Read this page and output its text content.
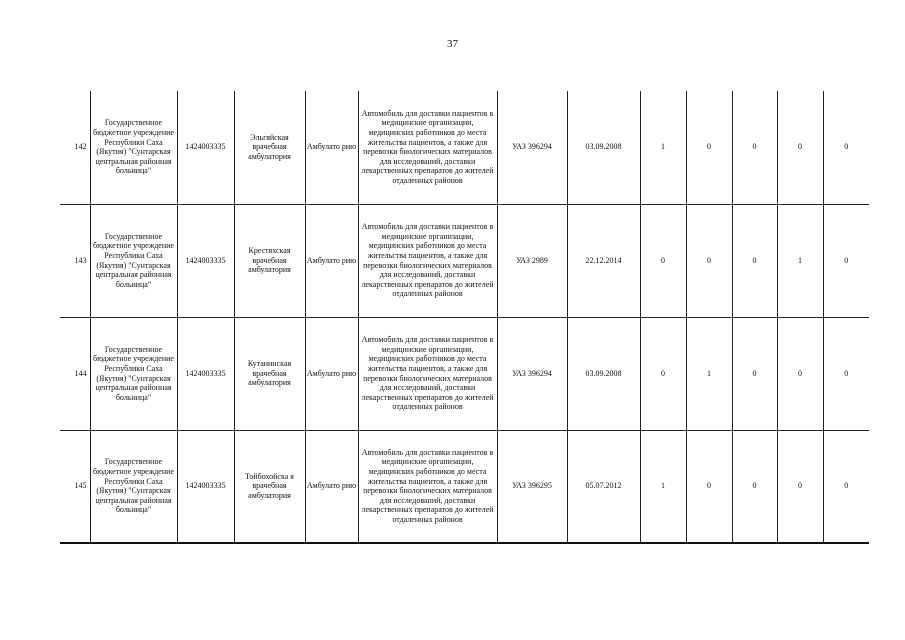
37
142	Государственное бюджетное учреждение Республики Саха (Якутия) "Сунтарская центральная районная больница"	1424003335	Эльгяйская врачебная амбулатория	Амбулато рию	Автомобиль для доставки пациентов в медицинские организации, медицинских работников до места жительства пациентов, а также для перевозки биологических материалов для исследований, доставки лекарственных препаратов до жителей отдаленных районов	УАЗ 396294	03.09.2008	1	0	0	0	0
143	Государственное бюджетное учреждение Республики Саха (Якутия) "Сунтарская центральная районная больница"	1424003335	Крестяхская врачебная амбулатория	Амбулато рию	Автомобиль для доставки пациентов в медицинские организации, медицинских работников до места жительства пациентов, а также для перевозки биологических материалов для исследований, доставки лекарственных препаратов до жителей отдаленных районов	УАЗ 2989	22.12.2014	0	0	0	1	0
144	Государственное бюджетное учреждение Республики Саха (Якутия) "Сунтарская центральная районная больница"	1424003335	Кутанинская врачебная амбулатория	Амбулато рию	Автомобиль для доставки пациентов в медицинские организации, медицинских работников до места жительства пациентов, а также для перевозки биологических материалов для исследований, доставки лекарственных препаратов до жителей отдаленных районов	УАЗ 396294	03.09.2008	0	1	0	0	0
145	Государственное бюджетное учреждение Республики Саха (Якутия) "Сунтарская центральная районная больница"	1424003335	Тойбохойска я врачебная амбулатория	Амбулато рию	Автомобиль для доставки пациентов в медицинские организации, медицинских работников до места жительства пациентов, а также для перевозки биологических материалов для исследований, доставки лекарственных препаратов до жителей отдаленных районов	УАЗ 396295	05.07.2012	1	0	0	0	0
